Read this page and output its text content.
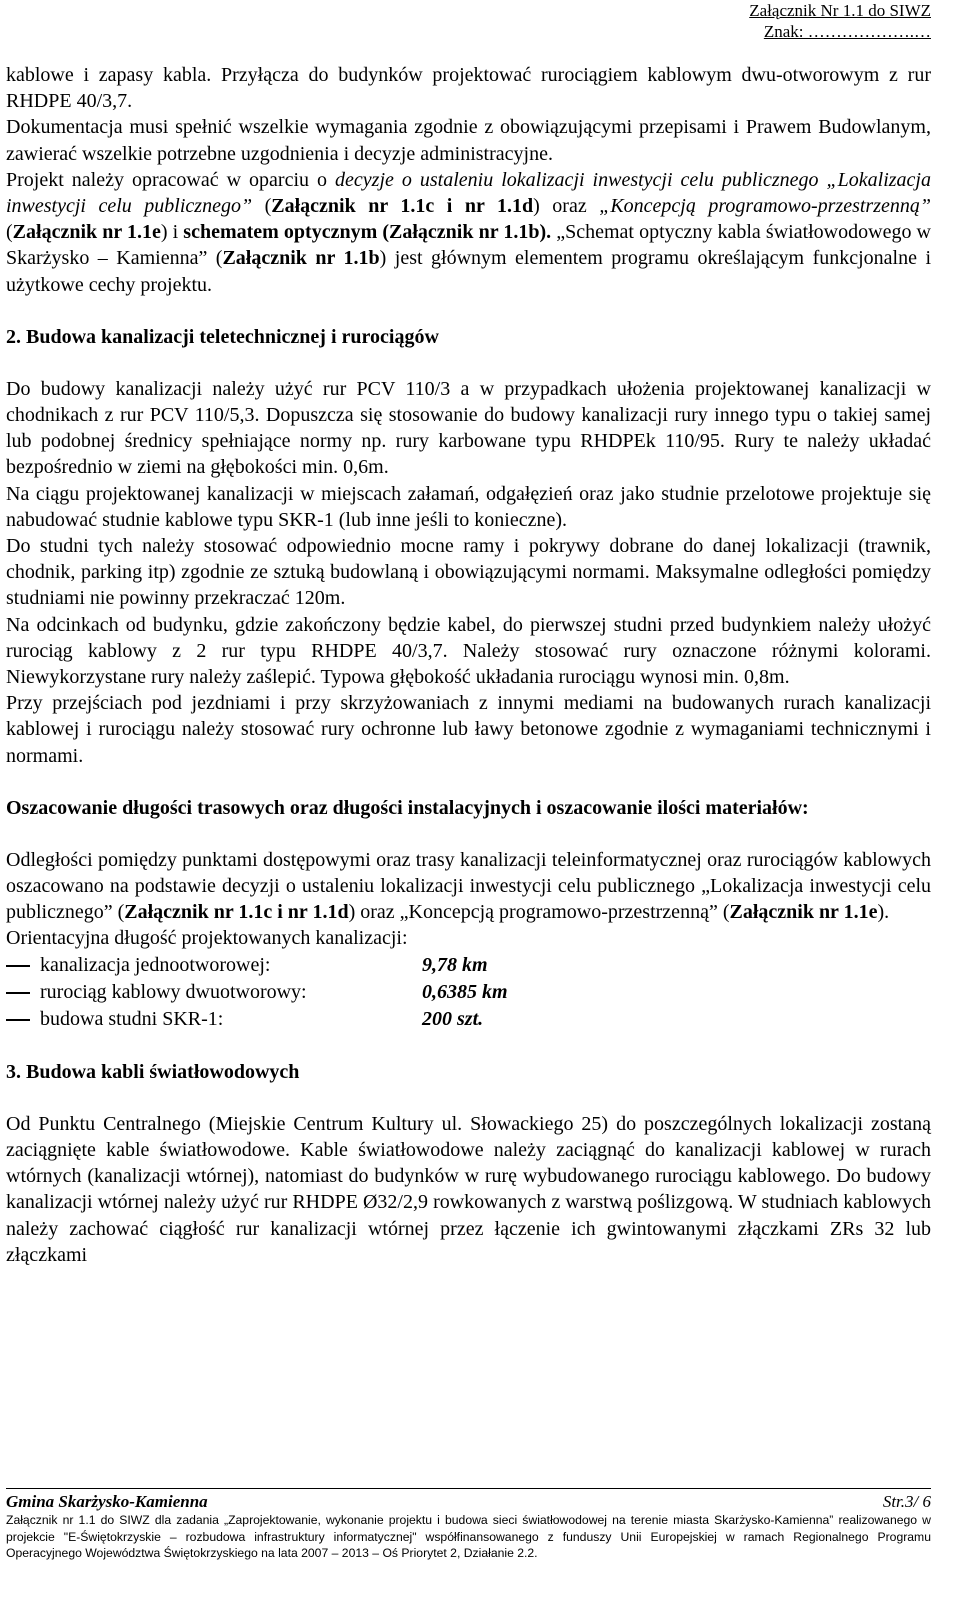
Załącznik Nr 1.1 do SIWZ
Znak: ……………….…

kablowe i zapasy kabla. Przyłącza do budynków projektować rurociągiem kablowym dwu-otworowym z rur RHDPE 40/3,7.

Dokumentacja musi spełnić wszelkie wymagania zgodnie z obowiązującymi przepisami i Prawem Budowlanym, zawierać wszelkie potrzebne uzgodnienia i decyzje administracyjne.

Projekt należy opracować w oparciu o decyzje o ustaleniu lokalizacji inwestycji celu publicznego „Lokalizacja inwestycji celu publicznego” (Załącznik nr 1.1c i nr 1.1d) oraz „Koncepcją programowo-przestrzenną” (Załącznik nr 1.1e) i schematem optycznym (Załącznik nr 1.1b). „Schemat optyczny kabla światłowodowego w Skarżysko – Kamienna” (Załącznik nr 1.1b) jest głównym elementem programu określającym funkcjonalne i użytkowe cechy projektu.

2. Budowa kanalizacji teletechnicznej i rurociągów

Do budowy kanalizacji należy użyć rur PCV 110/3 a w przypadkach ułożenia projektowanej kanalizacji w chodnikach z rur PCV 110/5,3. Dopuszcza się stosowanie do budowy kanalizacji rury innego typu o takiej samej lub podobnej średnicy spełniające normy np. rury karbowane typu RHDPEk 110/95. Rury te należy układać bezpośrednio w ziemi na głębokości min. 0,6m.

Na ciągu projektowanej kanalizacji w miejscach załamań, odgałęzień oraz jako studnie przelotowe projektuje się nabudować studnie kablowe typu SKR-1 (lub inne jeśli to konieczne).

Do studni tych należy stosować odpowiednio mocne ramy i pokrywy dobrane do danej lokalizacji (trawnik, chodnik, parking itp) zgodnie ze sztuką budowlaną i obowiązującymi normami. Maksymalne odległości pomiędzy studniami nie powinny przekraczać 120m.

Na odcinkach od budynku, gdzie zakończony będzie kabel, do pierwszej studni przed budynkiem należy ułożyć rurociąg kablowy z 2 rur typu RHDPE 40/3,7. Należy stosować rury oznaczone różnymi kolorami. Niewykorzystane rury należy zaślepić. Typowa głębokość układania rurociągu wynosi min. 0,8m.

Przy przejściach pod jezdniami i przy skrzyżowaniach z innymi mediami na budowanych rurach kanalizacji kablowej i rurociągu należy stosować rury ochronne lub ławy betonowe zgodnie z wymaganiami technicznymi i normami.

Oszacowanie długości trasowych oraz długości instalacyjnych i oszacowanie ilości materiałów:

Odległości pomiędzy punktami dostępowymi oraz trasy kanalizacji teleinformatycznej oraz rurociągów kablowych oszacowano na podstawie decyzji o ustaleniu lokalizacji inwestycji celu publicznego „Lokalizacja inwestycji celu publicznego” (Załącznik nr 1.1c i nr 1.1d) oraz „Koncepcją programowo-przestrzenną” (Załącznik nr 1.1e).

Orientacyjna długość projektowanych kanalizacji:

kanalizacja jednootworowej:	9,78 km
rurociąg kablowy dwuotworowy:	0,6385 km
budowa studni SKR-1:	200 szt.
3. Budowa kabli światłowodowych

Od Punktu Centralnego (Miejskie Centrum Kultury ul. Słowackiego 25) do poszczególnych lokalizacji zostaną zaciągnięte kable światłowodowe. Kable światłowodowe należy zaciągnąć do kanalizacji kablowej w rurach wtórnych (kanalizacji wtórnej), natomiast do budynków w rurę wybudowanego rurociągu kablowego. Do budowy kanalizacji wtórnej należy użyć rur RHDPE Ø32/2,9 rowkowanych z warstwą poślizgową. W studniach kablowych należy zachować ciągłość rur kanalizacji wtórnej przez łączenie ich gwintowanymi złączkami ZRs 32 lub złączkami

Gmina Skarżysko-Kamienna	Str.3/ 6
Załącznik nr 1.1 do SIWZ dla zadania „Zaprojektowanie, wykonanie projektu i budowa sieci światłowodowej na terenie miasta Skarżysko-Kamienna” realizowanego w projekcie "E-Świętokrzyskie – rozbudowa infrastruktury informatycznej" współfinansowanego z funduszy Unii Europejskiej w ramach Regionalnego Programu Operacyjnego Województwa Świętokrzyskiego na lata 2007 – 2013 – Oś Priorytet 2, Działanie 2.2.
